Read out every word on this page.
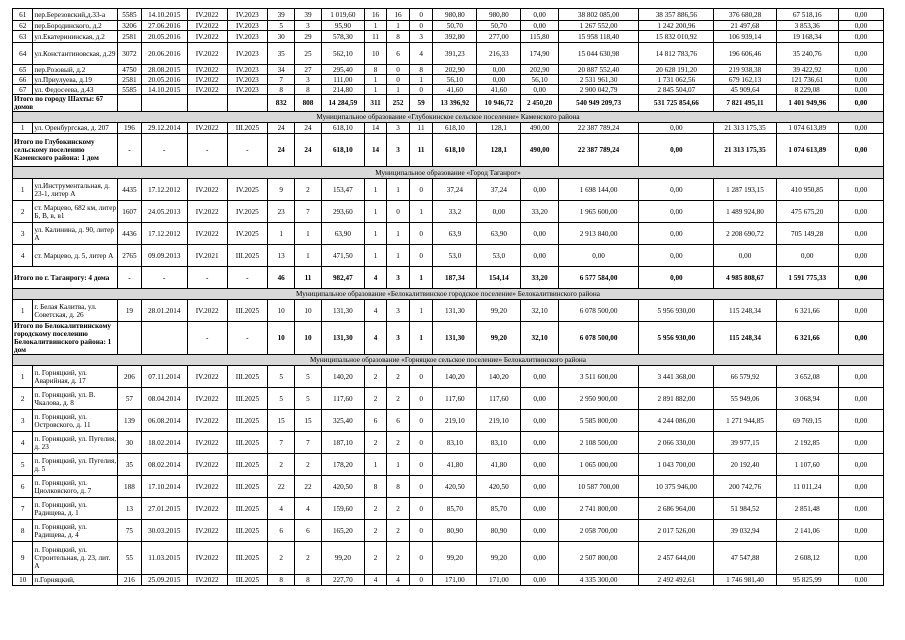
61	пер.Березовский,д.33-а	5585	14.10.2015	IV.2022	IV.2023	39	39	1 019,60	16	16	0	980,80	980,80	0,00	38 802 085,00	38 357 886,56	376 680,28	67 518,16	0,00
62	пер.Бородинского, д.2	3206	27.06.2016	IV.2022	IV.2023	5	3	95,90	1	1	0	50,70	50,70	0,00	1 267 552,00	1 242 200,96	21 497,68	3 853,36	0,00
63	ул.Екатерининская, д.2	2581	20.05.2016	IV.2022	IV.2023	30	29	578,30	11	8	3	392,80	277,00	115,80	15 958 118,40	15 832 010,92	106 939,14	19 168,34	0,00
64	ул.Константиновская, д.29	3072	20.06.2016	IV.2022	IV.2023	35	25	562,10	10	6	4	391,23	216,33	174,90	15 044 630,98	14 812 783,76	196 606,46	35 240,76	0,00
65	пер.Розовый, д.2	4750	28.08.2015	IV.2022	IV.2023	34	27	295,40	8	0	8	202,90	0,00	202,90	20 887 552,40	20 628 191,20	219 938,38	39 422,92	0,00
66	ул.Приулуева, д.19	2581	20.05.2016	IV.2022	IV.2023	7	3	111,00	1	0	1	56,10	0,00	56,10	2 531 961,30	1 731 062,56	679 162,13	121 736,61	0,00
67	ул. Федосеева, д.43	5585	14.10.2015	IV.2022	IV.2023	8	8	214,80	1	1	0	41,60	41,60	0,00	2 900 042,79	2 845 504,07	45 909,64	8 229,08	0,00
Итого по городу Шахты: 67 домов						832	808	14 284,59	311	252	59	13 396,92	10 946,72	2 450,20	540 949 209,73	531 725 854,66	7 821 495,11	1 401 949,96	0,00
Муниципальное образование «Глубокинское сельское поселение» Каменского района																			
1	ул. Оренбургская, д. 207	196	29.12.2014	IV.2022	III.2025	24	24	618,10	14	3	11	618,10	128,1	490,00	22 387 789,24	0,00	21 313 175,35	1 074 613,89	0,00
Итого по Глубокинскому сельскому поселению Каменского района: 1 дом		-	-	-	-	24	24	618,10	14	3	11	618,10	128,1	490,00	22 387 789,24	0,00	21 313 175,35	1 074 613,89	0,00
Муниципальное образование «Город Таганрог»																			
1	ул.Инструментальная, д. 23-1, литер А	4435	17.12.2012	IV.2022	IV.2025	9	2	153,47	1	1	0	37,24	37,24	0,00	1 698 144,00	0,00	1 287 193,15	410 950,85	0,00
2	ст. Марцево, 682 км, литер Б, В, в, в1	1607	24.05.2013	IV.2022	IV.2025	23	7	293,60	1	0	1	33,2	0,00	33,20	1 965 600,00	0,00	1 489 924,80	475 675,20	0,00
3	ул. Калинина, д. 90, литер А	4436	17.12.2012	IV.2022	IV.2025	1	1	63,90	1	1	0	63,9	63,90	0,00	2 913 840,00	0,00	2 208 690,72	705 149,28	0,00
4	ст. Марцево, д. 5, литер А	2765	09.09.2013	IV.2021	III.2025	13	1	471,50	1	1	0	53,0	53,0	0,00	0,00	0,00	0,00	0,00	0,00
Итого по г. Таганрогу: 4 дома		-	-	-	-	46	11	982,47	4	3	1	187,34	154,14	33,20	6 577 584,00	0,00	4 985 808,67	1 591 775,33	0,00
Муниципальное образование «Белокалитвинское городское поселение» Белокалитвинского района																			
1	г. Белая Калитва, ул. Советская, д. 26	19	28.01.2014	IV.2022	III.2025	10	10	131,30	4	3	1	131,30	99,20	32,10	6 078 500,00	5 956 930,00	115 248,34	6 321,66	0,00
Итого по Белокалитвинскому городскому поселению Белокалитвинского района: 1 дом				-	-	10	10	131,30	4	3	1	131,30	99,20	32,10	6 078 500,00	5 956 930,00	115 248,34	6 321,66	0,00
Муниципальное образование «Горняцкое сельское поселение» Белокалитвинского района																			
1	п. Горняцкий, ул. Аварийная, д. 17	206	07.11.2014	IV.2022	III.2025	5	5	140,20	2	2	0	140,20	140,20	0,00	3 511 600,00	3 441 368,00	66 579,92	3 652,08	0,00
2	п. Горняцкий, ул. В. Чкалова, д. 8	57	08.04.2014	IV.2022	III.2025	5	5	117,60	2	2	0	117,60	117,60	0,00	2 950 900,00	2 891 882,00	55 949,06	3 068,94	0,00
3	п. Горняцкий, ул. Островского, д. 11	139	06.08.2014	IV.2022	III.2025	15	15	325,40	6	6	0	219,10	219,10	0,00	5 585 800,00	4 244 086,00	1 271 944,85	69 769,15	0,00
4	п. Горняцкий, ул. Пугелия, д. 23	30	18.02.2014	IV.2022	III.2025	7	7	187,10	2	2	0	83,10	83,10	0,00	2 108 500,00	2 066 330,00	39 977,15	2 192,85	0,00
5	п. Горняцкий, ул. Пугелия, д. 5	35	08.02.2014	IV.2022	III.2025	2	2	178,20	1	1	0	41,80	41,80	0,00	1 065 000,00	1 043 700,00	20 192,40	1 107,60	0,00
6	п. Горняцкий, ул. Циолковского, д. 7	188	17.10.2014	IV.2022	III.2025	22	22	420,50	8	8	0	420,50	420,50	0,00	10 587 700,00	10 375 946,00	200 742,76	11 011,24	0,00
7	п. Горняцкий, ул. Радищева, д. 1	13	27.01.2015	IV.2022	III.2025	4	4	159,60	2	2	0	85,70	85,70	0,00	2 741 800,00	2 686 964,00	51 984,52	2 851,48	0,00
8	п. Горняцкий, ул. Радищева, д. 4	75	30.03.2015	IV.2022	III.2025	6	6	165,20	2	2	0	80,90	80,90	0,00	2 058 700,00	2 017 526,00	39 032,94	2 141,06	0,00
9	п. Горняцкий, ул. Строительная, д. 23, лит. А	55	11.03.2015	IV.2022	III.2025	2	2	99,20	2	2	0	99,20	99,20	0,00	2 507 800,00	2 457 644,00	47 547,88	2 608,12	0,00
10	п.Горняцкий,	216	25.09.2015	IV.2022	III.2025	8	8	227,70	4	4	0	171,00	171,00	0,00	4 335 300,00	2 492 492,61	1 746 981,40	95 825,99	0,00
